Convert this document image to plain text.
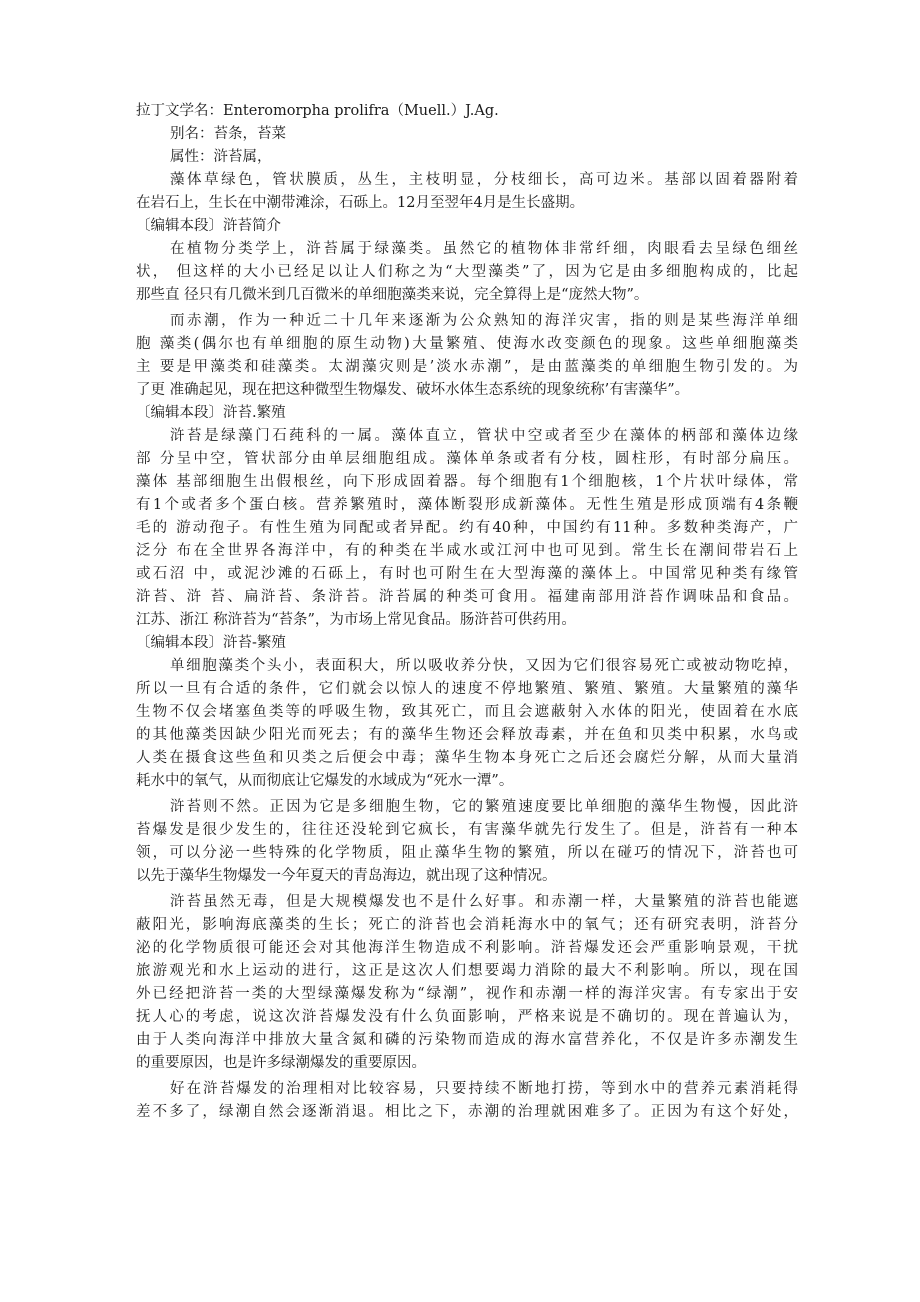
拉丁文学名：Enteromorpha prolifra（Muell.）J.Ag.
别名：苔条，苔菜
属性：浒苔属，
藻体草绿色，管状膜质，丛生，主枝明显，分枝细长，高可边米。基部以固着器附着
在岩石上，生长在中潮带滩涂，石砾上。12月至翌年4月是生长盛期。
〔编辑本段〕浒苔简介
在植物分类学上，浒苔属于绿藻类。虽然它的植物体非常纤细，肉眼看去呈绿色细丝
状， 但这样的大小已经足以让人们称之为“大型藻类”了，因为它是由多细胞构成的，比起
那些直 径只有几微米到几百微米的单细胞藻类来说，完全算得上是“庞然大物”。
而赤潮，作为一种近二十几年来逐渐为公众熟知的海洋灾害，指的则是某些海洋单细
胞 藻类(偶尔也有单细胞的原生动物)大量繁殖、使海水改变颜色的现象。这些单细胞藻类
主 要是甲藻类和硅藻类。太湖藻灾则是’淡水赤潮”，是由蓝藻类的单细胞生物引发的。为
了更 准确起见，现在把这种微型生物爆发、破坏水体生态系统的现象统称’有害藻华”。
〔编辑本段〕浒苔.繁殖
浒苔是绿藻门石莼科的一属。藻体直立，管状中空或者至少在藻体的柄部和藻体边缘
部 分呈中空，管状部分由单层细胞组成。藻体单条或者有分枝，圆柱形，有时部分扁压。
藻体 基部细胞生出假根丝，向下形成固着器。每个细胞有1个细胞核，1个片状叶绿体，常
有1个或者多个蛋白核。营养繁殖时，藻体断裂形成新藻体。无性生殖是形成顶端有4条鞭
毛的 游动孢子。有性生殖为同配或者异配。约有40种，中国约有11种。多数种类海产，广
泛分 布在全世界各海洋中，有的种类在半咸水或江河中也可见到。常生长在潮间带岩石上
或石沼 中，或泥沙滩的石砾上，有时也可附生在大型海藻的藻体上。中国常见种类有缘管
浒苔、浒 苔、扁浒苔、条浒苔。浒苔属的种类可食用。福建南部用浒苔作调味品和食品。
江苏、浙江 称浒苔为“苔条”，为市场上常见食品。肠浒苔可供药用。
〔编辑本段〕浒苔-繁殖
单细胞藻类个头小，表面积大，所以吸收养分快，又因为它们很容易死亡或被动物吃掉，
所以一旦有合适的条件，它们就会以惊人的速度不停地繁殖、繁殖、繁殖。大量繁殖的藻华
生物不仅会堵塞鱼类等的呼吸生物，致其死亡，而且会遮蔽射入水体的阳光，使固着在水底
的其他藻类因缺少阳光而死去；有的藻华生物还会释放毒素，并在鱼和贝类中积累，水鸟或
人类在摄食这些鱼和贝类之后便会中毒；藻华生物本身死亡之后还会腐烂分解，从而大量消
耗水中的氧气，从而彻底让它爆发的水域成为“死水一潭”。
浒苔则不然。正因为它是多细胞生物，它的繁殖速度要比单细胞的藻华生物慢，因此浒
苔爆发是很少发生的，往往还没轮到它疯长，有害藻华就先行发生了。但是，浒苔有一种本
领，可以分泌一些特殊的化学物质，阻止藻华生物的繁殖，所以在碰巧的情况下，浒苔也可
以先于藻华生物爆发一今年夏天的青岛海边，就出现了这种情况。
浒苔虽然无毒，但是大规模爆发也不是什么好事。和赤潮一样，大量繁殖的浒苔也能遮
蔽阳光，影响海底藻类的生长；死亡的浒苔也会消耗海水中的氧气；还有研究表明，浒苔分
泌的化学物质很可能还会对其他海洋生物造成不利影响。浒苔爆发还会严重影响景观，干扰
旅游观光和水上运动的进行，这正是这次人们想要竭力消除的最大不利影响。所以，现在国
外已经把浒苔一类的大型绿藻爆发称为“绿潮”，视作和赤潮一样的海洋灾害。有专家出于安
抚人心的考虑，说这次浒苔爆发没有什么负面影响，严格来说是不确切的。现在普遍认为，
由于人类向海洋中排放大量含氮和磷的污染物而造成的海水富营养化，不仅是许多赤潮发生
的重要原因，也是许多绿潮爆发的重要原因。
好在浒苔爆发的治理相对比较容易，只要持续不断地打捞，等到水中的营养元素消耗得
差不多了，绿潮自然会逐渐消退。相比之下，赤潮的治理就困难多了。正因为有这个好处，
